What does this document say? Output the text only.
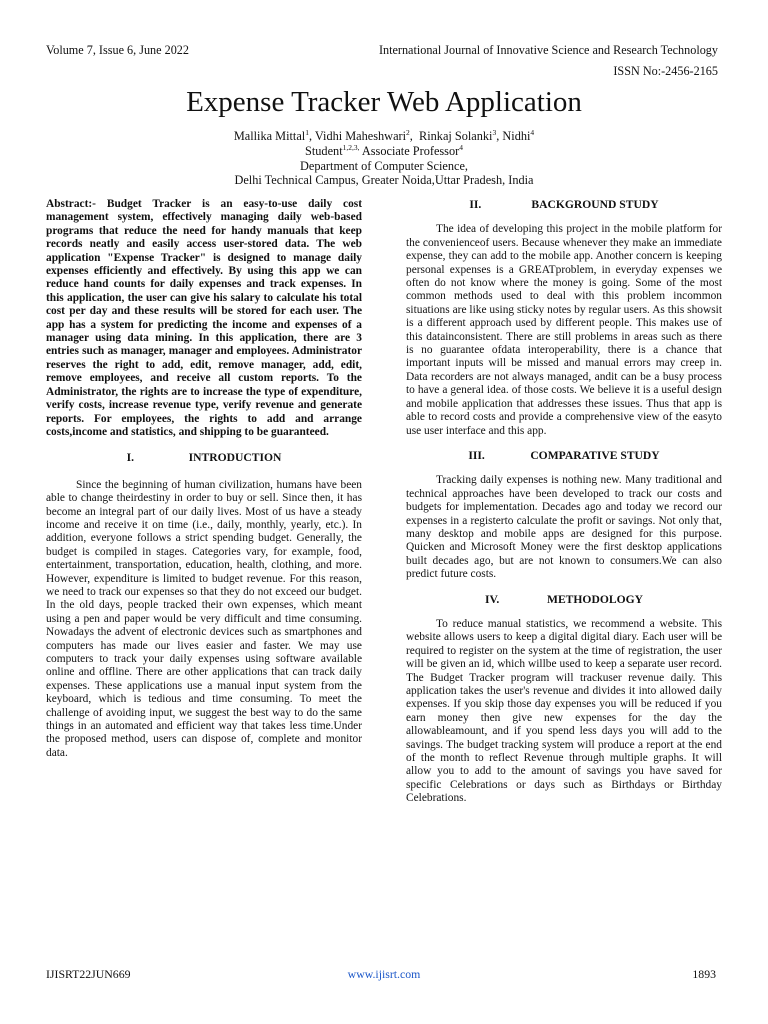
Volume 7, Issue 6, June 2022	International Journal of Innovative Science and Research Technology
ISSN No:-2456-2165
Expense Tracker Web Application
Mallika Mittal$^1$, Vidhi Maheshwari$^2$,  Rinkaj Solanki$^3$, Nidhi$^4$
Student$^{1,2,3,}$ Associate Professor$^4$
Department of Computer Science,
Delhi Technical Campus, Greater Noida,Uttar Pradesh, India

Abstract:- Budget Tracker is an easy-to-use daily cost management system, effectively managing daily web-based programs that reduce the need for handy manuals that keep records neatly and easily access user-stored data. The web application "Expense Tracker" is designed to manage daily expenses efficiently and effectively. By using this app we can reduce hand counts for daily expenses and track expenses. In this application, the user can give his salary to calculate his total cost per day and these results will be stored for each user. The app has a system for predicting the income and expenses of a manager using data mining. In this application, there are 3 entries such as manager, manager and employees. Administrator reserves the right to add, edit, remove manager, add, edit, remove employees, and receive all custom reports. To the Administrator, the rights are to increase the type of expenditure, verify costs, increase revenue type, verify revenue and generate reports. For employees, the rights to add and arrange costs,income and statistics, and shipping to be guaranteed.

I.	INTRODUCTION

Since the beginning of human civilization, humans have been able to change theirdestiny in order to buy or sell. Since then, it has become an integral part of our daily lives. Most of us have a steady income and receive it on time (i.e., daily, monthly, yearly, etc.). In addition, everyone follows a strict spending budget. Generally, the budget is compiled in stages. Categories vary, for example, food, entertainment, transportation, education, health, clothing, and more. However, expenditure is limited to budget revenue. For this reason, we need to track our expenses so that they do not exceed our budget. In the old days, people tracked their own expenses, which meant using a pen and paper would be very difficult and time consuming. Nowadays the advent of electronic devices such as smartphones and computers has made our lives easier and faster. We may use computers to track your daily expenses using software available online and offline. There are other applications that can track daily expenses. These applications use a manual input system from the keyboard, which is tedious and time consuming. To meet the challenge of avoiding input, we suggest the best way to do the same things in an automated and efficient way that takes less time.Under the proposed method, users can dispose of, complete and monitor data.

II.	BACKGROUND STUDY

The idea of developing this project in the mobile platform for the convenienceof users. Because whenever they make an immediate expense, they can add to the mobile app. Another concern is keeping personal expenses is a GREATproblem, in everyday expenses we often do not know where the money is going. Some of the most common methods used to deal with this problem incommon situations are like using sticky notes by regular users. As this showsit is a different approach used by different people. This makes use of this datainconsistent. There are still problems in areas such as there is no guarantee ofdata interoperability, there is a chance that important inputs will be missed and manual errors may creep in. Data recorders are not always managed, andit can be a busy process to have a general idea. of those costs. We believe it is a useful design and mobile application that addresses these issues. Thus that app is able to record costs and provide a comprehensive view of the easyto use user interface and this app.

III.	COMPARATIVE STUDY

Tracking daily expenses is nothing new. Many traditional and technical approaches have been developed to track our costs and budgets for implementation. Decades ago and today we record our expenses in a registerto calculate the profit or savings. Not only that, many desktop and mobile apps are designed for this purpose. Quicken and Microsoft Money were the first desktop applications built decades ago, but are not known to consumers.We can also predict future costs.

IV.	METHODOLOGY

To reduce manual statistics, we recommend a website. This website allows users to keep a digital digital diary. Each user will be required to register on the system at the time of registration, the user will be given an id, which willbe used to keep a separate user record. The Budget Tracker program will trackuser revenue daily. This application takes the user's revenue and divides it into allowed daily expenses. If you skip those day expenses you will be reduced if you earn money then give new expenses for the day the allowableamount, and if you spend less days you will add to the savings. The budget tracking system will produce a report at the end of the month to reflect Revenue through multiple graphs. It will allow you to add to the amount of savings you have saved for specific Celebrations or days such as Birthdays or Birthday Celebrations.

IJISRT22JUN669	www.ijisrt.com	1893
